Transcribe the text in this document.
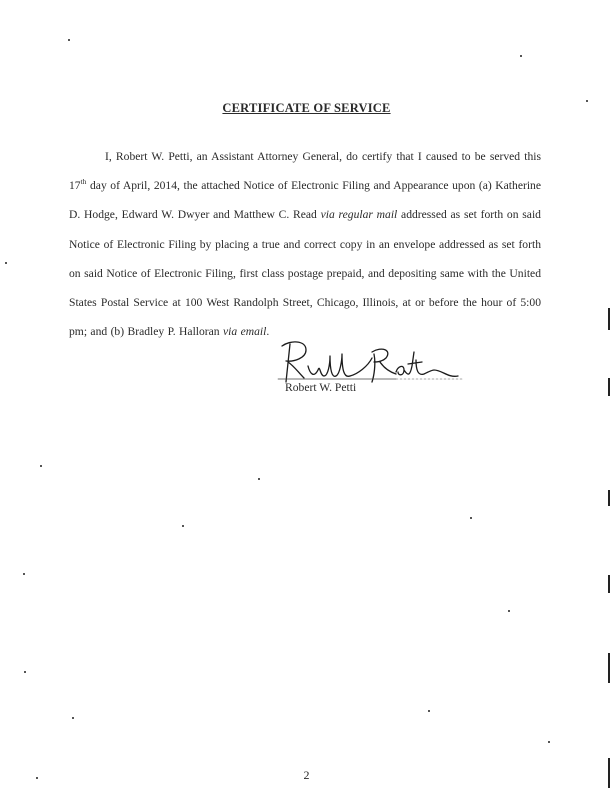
CERTIFICATE OF SERVICE

I, Robert W. Petti, an Assistant Attorney General, do certify that I caused to be served this 17th day of April, 2014, the attached Notice of Electronic Filing and Appearance upon (a) Katherine D. Hodge, Edward W. Dwyer and Matthew C. Read via regular mail addressed as set forth on said Notice of Electronic Filing by placing a true and correct copy in an envelope addressed as set forth on said Notice of Electronic Filing, first class postage prepaid, and depositing same with the United States Postal Service at 100 West Randolph Street, Chicago, Illinois, at or before the hour of 5:00 pm; and (b) Bradley P. Halloran via email.

Robert W. Petti
2
